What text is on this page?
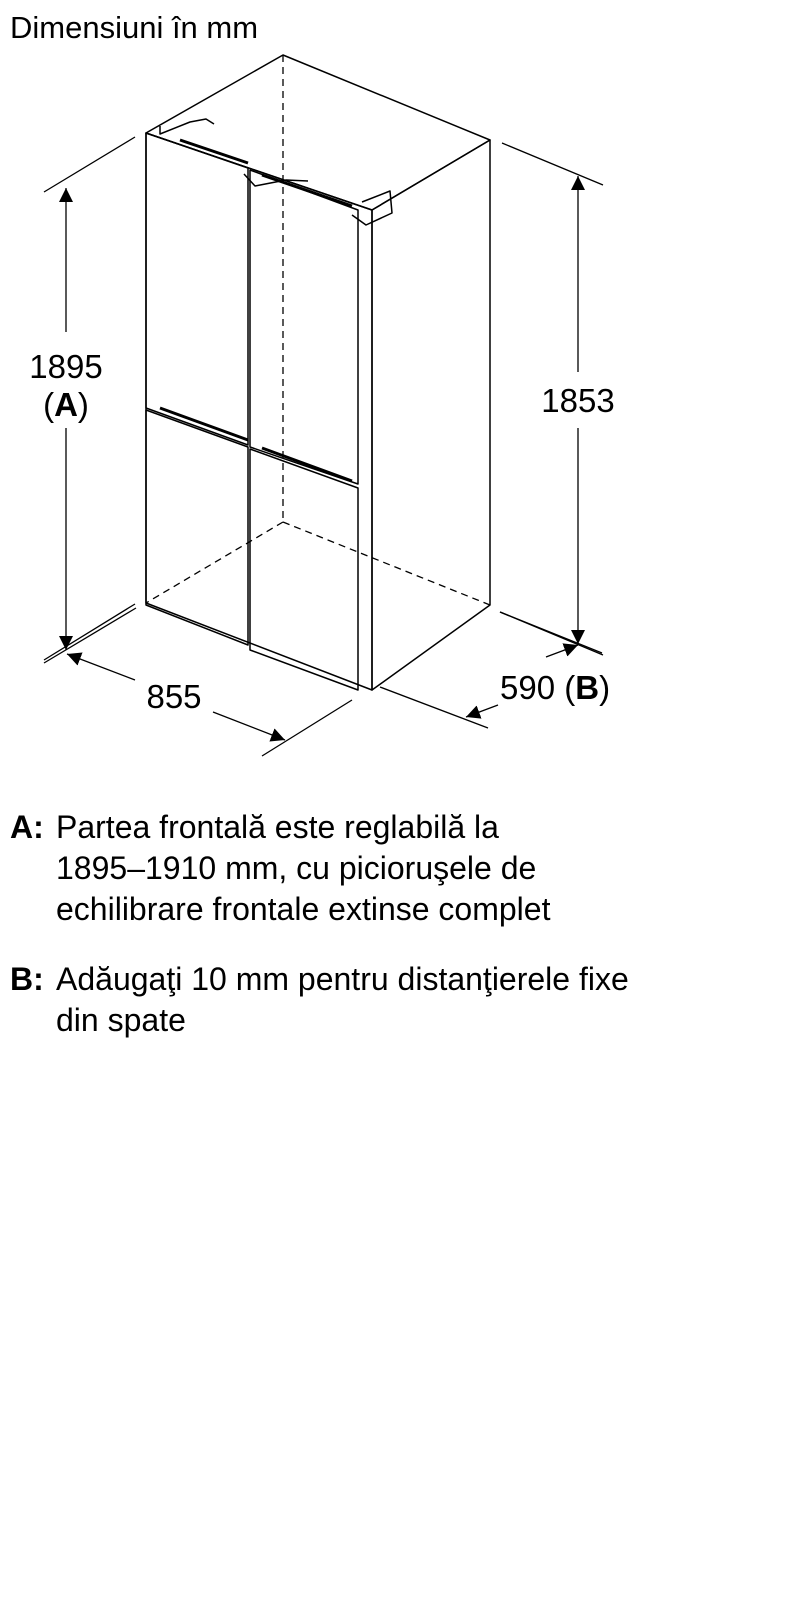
Dimensiuni în mm
1895
(A)	1853
855	590 (B)
A: Partea frontală este reglabilă la
1895–1910 mm, cu picioruşele de
echilibrare frontale extinse complet
B: Adăugaţi 10 mm pentru distanţierele fixe
din spate
